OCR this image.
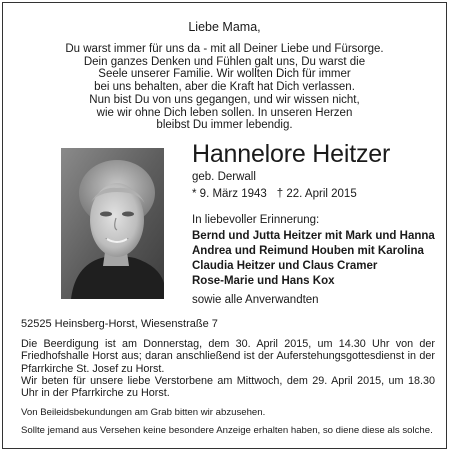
Liebe Mama,
Du warst immer für uns da - mit all Deiner Liebe und Fürsorge.
Dein ganzes Denken und Fühlen galt uns, Du warst die
Seele unserer Familie. Wir wollten Dich für immer
bei uns behalten, aber die Kraft hat Dich verlassen.
Nun bist Du von uns gegangen, und wir wissen nicht,
wie wir ohne Dich leben sollen. In unseren Herzen
bleibst Du immer lebendig.
Hannelore Heitzer
geb. Derwall
* 9. März 1943 † 22. April 2015
In liebevoller Erinnerung:
Bernd und Jutta Heitzer mit Mark und Hanna
Andrea und Reimund Houben mit Karolina
Claudia Heitzer und Claus Cramer
Rose-Marie und Hans Kox
sowie alle Anverwandten
52525 Heinsberg-Horst, Wiesenstraße 7
Die Beerdigung ist am Donnerstag, dem 30. April 2015, um 14.30 Uhr von der Friedhofshalle Horst aus; daran anschließend ist der Auferstehungsgottesdienst in der Pfarrkirche St. Josef zu Horst.
Wir beten für unsere liebe Verstorbene am Mittwoch, dem 29. April 2015, um 18.30 Uhr in der Pfarrkirche zu Horst.
Von Beileidsbekundungen am Grab bitten wir abzusehen.
Sollte jemand aus Versehen keine besondere Anzeige erhalten haben, so diene diese als solche.
